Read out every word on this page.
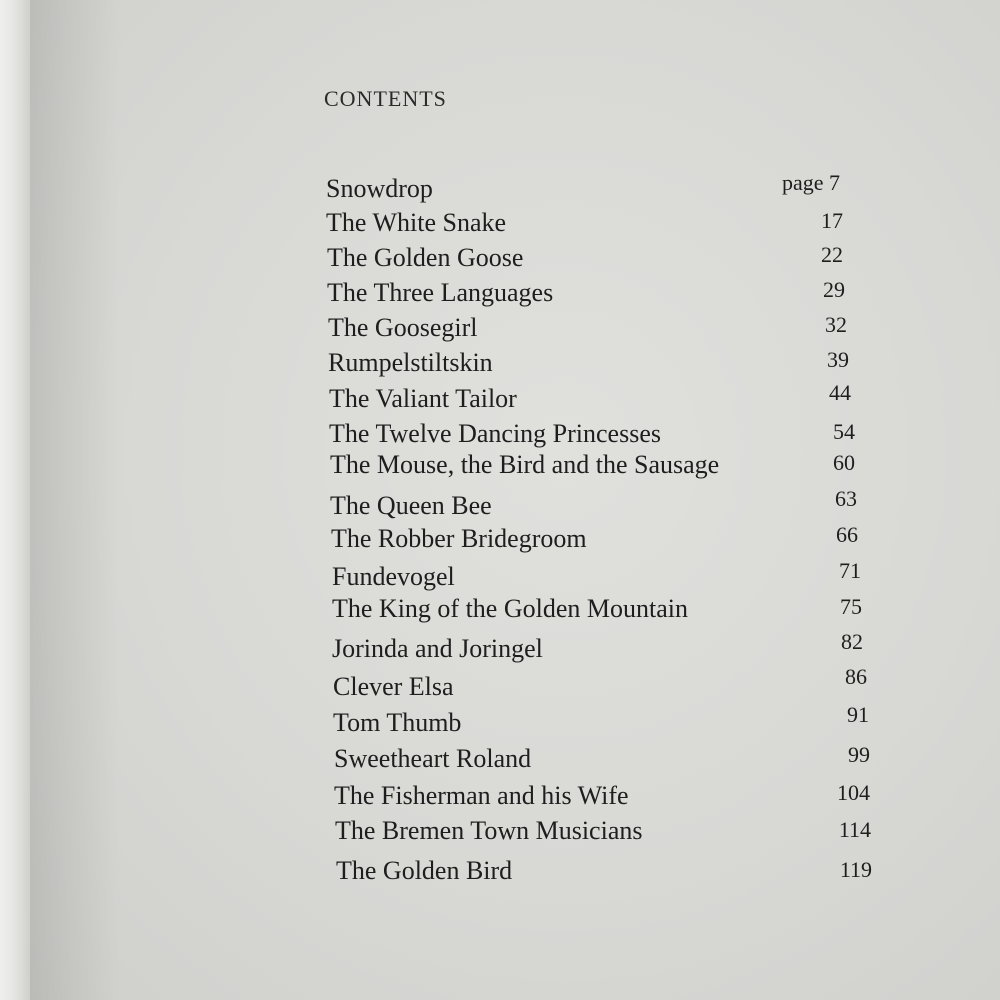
CONTENTS
Snowdrop	page 7
The White Snake	17
The Golden Goose	22
The Three Languages	29
The Goosegirl	32
Rumpelstiltskin	39
The Valiant Tailor	44
The Twelve Dancing Princesses	54
The Mouse, the Bird and the Sausage	60
The Queen Bee	63
The Robber Bridegroom	66
Fundevogel	71
The King of the Golden Mountain	75
Jorinda and Joringel	82
Clever Elsa	86
Tom Thumb	91
Sweetheart Roland	99
The Fisherman and his Wife	104
The Bremen Town Musicians	114
The Golden Bird	119
